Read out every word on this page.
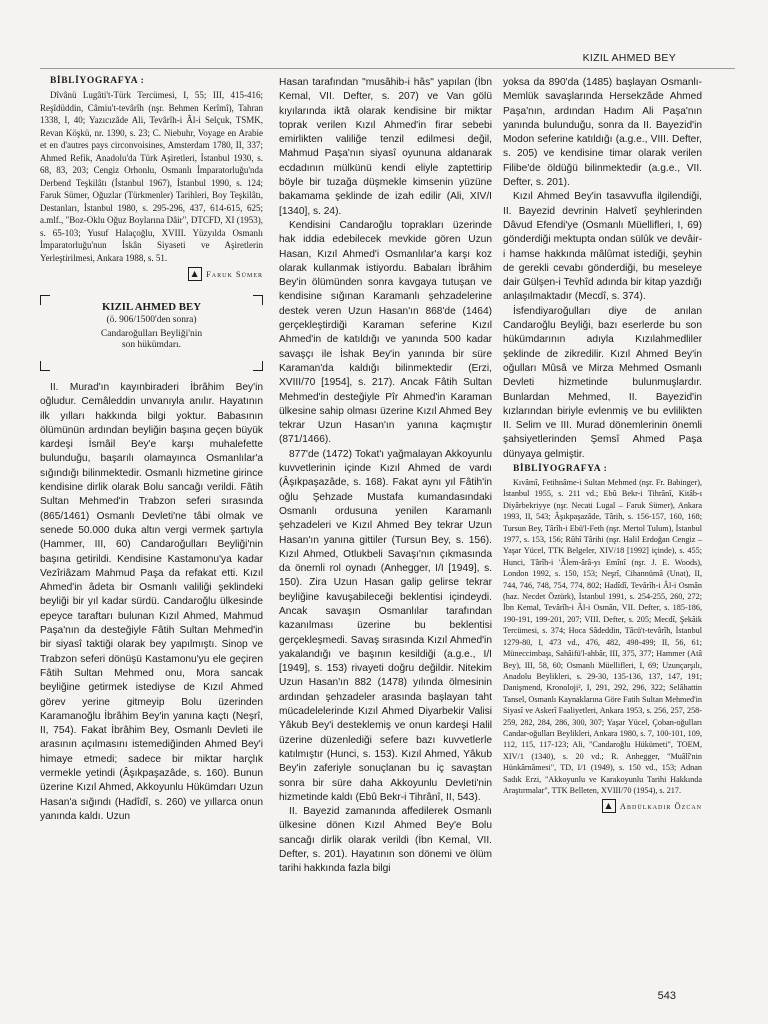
KIZIL AHMED BEY
BİBLİYOGRAFYA :

Dîvânü Lugâti't-Türk Tercümesi, I, 55; III, 415-416; Reşîdüddin, Câmiu't-tevârîh (nşr. Behmen Kerîmî), Tahran 1338, I, 40; Yazıcızâde Ali, Tevârîh-i Âl-i Selçuk, TSMK, Revan Köşkü, nr. 1390, s. 23; C. Niebuhr, Voyage en Arabie et en d'autres pays circonvoisines, Amsterdam 1780, II, 337; Ahmed Refik, Anadolu'da Türk Aşiretleri, İstanbul 1930, s. 68, 83, 203; Cengiz Orhonlu, Osmanlı İmparatorluğu'nda Derbend Teşkilâtı (İstanbul 1967), İstanbul 1990, s. 124; Faruk Sümer, Oğuzlar (Türkmenler) Tarihleri, Boy Teşkilâtı, Destanları, İstanbul 1980, s. 295-296, 437, 614-615, 625; a.mlf., "Boz-Oklu Oğuz Boylarına Dâir", DTCFD, XI (1953), s. 65-103; Yusuf Halaçoğlu, XVIII. Yüzyılda Osmanlı İmparatorluğu'nun İskân Siyaseti ve Aşiretlerin Yerleştirilmesi, Ankara 1988, s. 51.

▲ Faruk Sümer
KIZIL AHMED BEY
(ö. 906/1500'den sonra)
Candaroğulları Beyliği'nin
son hükümdarı.

II. Murad'ın kayınbiraderi İbrâhim Bey'in oğludur. Cemâleddin unvanıyla anılır. Hayatının ilk yılları hakkında bilgi yoktur. Babasının ölümünün ardından beyliğin başına geçen büyük kardeşi İsmâil Bey'e karşı muhalefette bulunduğu, başarılı olamayınca Osmanlılar'a sığındığı bilinmektedir. Osmanlı hizmetine girince kendisine dirlik olarak Bolu sancağı verildi. Fâtih Sultan Mehmed'in Trabzon seferi sırasında (865/1461) Osmanlı Devleti'ne tâbi olmak ve senede 50.000 duka altın vergi vermek şartıyla (Hammer, III, 60) Candaroğulları Beyliği'nin başına getirildi. Kendisine Kastamonu'ya kadar Vezîriâzam Mahmud Paşa da refakat etti. Kızıl Ahmed'in âdeta bir Osmanlı valiliği şeklindeki beyliği bir yıl kadar sürdü. Candaroğlu ülkesinde epeyce taraftarı bulunan Kızıl Ahmed, Mahmud Paşa'nın da desteğiyle Fâtih Sultan Mehmed'in bir siyasî taktiği olarak bey yapılmıştı. Sinop ve Trabzon seferi dönüşü Kastamonu'yu ele geçiren Fâtih Sultan Mehmed onu, Mora sancak beyliğine getirmek istediyse de Kızıl Ahmed görev yerine gitmeyip Bolu üzerinden Karamanoğlu İbrâhim Bey'in yanına kaçtı (Neşrî, II, 754). Fakat İbrâhim Bey, Osmanlı Devleti ile arasının açılmasını istemediğinden Ahmed Bey'i himaye etmedi; sadece bir miktar harçlık vermekle yetindi (Âşıkpaşazâde, s. 160). Bunun üzerine Kızıl Ahmed, Akkoyunlu Hükümdarı Uzun Hasan'a sığındı (Hadîdî, s. 260) ve yıllarca onun yanında kaldı. Uzun

Hasan tarafından "musâhib-i hâs" yapılan (İbn Kemal, VII. Defter, s. 207) ve Van gölü kıyılarında iktâ olarak kendisine bir miktar toprak verilen Kızıl Ahmed'in firar sebebi emirlikten valiliğe tenzil edilmesi değil, Mahmud Paşa'nın siyasî oyununa aldanarak ecdadının mülkünü kendi eliyle zaptettirip böyle bir tuzağa düşmekle kimsenin yüzüne bakamama şeklinde de izah edilir (Ali, XIV/I [1340], s. 24).

Kendisini Candaroğlu toprakları üzerinde hak iddia edebilecek mevkide gören Uzun Hasan, Kızıl Ahmed'i Osmanlılar'a karşı koz olarak kullanmak istiyordu. Babaları İbrâhim Bey'in ölümünden sonra kavgaya tutuşan ve kendisine sığınan Karamanlı şehzadelerine destek veren Uzun Hasan'ın 868'de (1464) gerçekleştirdiği Karaman seferine Kızıl Ahmed'in de katıldığı ve yanında 500 kadar savaşçı ile İshak Bey'in yanında bir süre Karaman'da kaldığı bilinmektedir (Erzi, XVIII/70 [1954], s. 217). Ancak Fâtih Sultan Mehmed'in desteğiyle Pîr Ahmed'in Karaman ülkesine sahip olması üzerine Kızıl Ahmed Bey tekrar Uzun Hasan'ın yanına kaçmıştır (871/1466).

877'de (1472) Tokat'ı yağmalayan Akkoyunlu kuvvetlerinin içinde Kızıl Ahmed de vardı (Âşıkpaşazâde, s. 168). Fakat aynı yıl Fâtih'in oğlu Şehzade Mustafa kumandasındaki Osmanlı ordusuna yenilen Karamanlı şehzadeleri ve Kızıl Ahmed Bey tekrar Uzun Hasan'ın yanına gittiler (Tursun Bey, s. 156). Kızıl Ahmed, Otlukbeli Savaşı'nın çıkmasında da önemli rol oynadı (Anhegger, I/I [1949], s. 150). Zira Uzun Hasan galip gelirse tekrar beyliğine kavuşabileceği beklentisi içindeydi. Ancak savaşın Osmanlılar tarafından kazanılması üzerine bu beklentisi gerçekleşmedi. Savaş sırasında Kızıl Ahmed'in yakalandığı ve başının kesildiği (a.g.e., I/I [1949], s. 153) rivayeti doğru değildir. Nitekim Uzun Hasan'ın 882 (1478) yılında ölmesinin ardından şehzadeler arasında başlayan taht mücadelelerinde Kızıl Ahmed Diyarbekir Valisi Yâkub Bey'i desteklemiş ve onun kardeşi Halil üzerine düzenlediği sefere bazı kuvvetlerle katılmıştır (Hunci, s. 153). Kızıl Ahmed, Yâkub Bey'in zaferiyle sonuçlanan bu iç savaştan sonra bir süre daha Akkoyunlu Devleti'nin hizmetinde kaldı (Ebû Bekr-i Tihrânî, II, 543).

II. Bayezid zamanında affedilerek Osmanlı ülkesine dönen Kızıl Ahmed Bey'e Bolu sancağı dirlik olarak verildi (İbn Kemal, VII. Defter, s. 201). Hayatının son dönemi ve ölüm tarihi hakkında fazla bilgi

yoksa da 890'da (1485) başlayan Osmanlı-Memlük savaşlarında Hersekzâde Ahmed Paşa'nın, ardından Hadım Ali Paşa'nın yanında bulunduğu, sonra da II. Bayezid'in Modon seferine katıldığı (a.g.e., VIII. Defter, s. 205) ve kendisine timar olarak verilen Filibe'de öldüğü bilinmektedir (a.g.e., VII. Defter, s. 201).

Kızıl Ahmed Bey'in tasavvufla ilgilendiği, II. Bayezid devrinin Halvetî şeyhlerinden Dâvud Efendi'ye (Osmanlı Müellifleri, I, 69) gönderdiği mektupta ondan sülûk ve devâir-i hamse hakkında mâlûmat istediği, şeyhin de gerekli cevabı gönderdiği, bu meseleye dair Gülşen-i Tevhîd adında bir kitap yazdığı anlaşılmaktadır (Mecdî, s. 374).

İsfendiyaroğulları diye de anılan Candaroğlu Beyliği, bazı eserlerde bu son hükümdarının adıyla Kızılahmedliler şeklinde de zikredilir. Kızıl Ahmed Bey'in oğulları Mûsâ ve Mirza Mehmed Osmanlı Devleti hizmetinde bulunmuşlardır. Bunlardan Mehmed, II. Bayezid'in kızlarından biriyle evlenmiş ve bu evlilikten II. Selim ve III. Murad dönemlerinin önemli şahsiyetlerinden Şemsî Ahmed Paşa dünyaya gelmiştir.

BİBLİYOGRAFYA :

Kıvâmî, Fetihnâme-i Sultan Mehmed (nşr. Fr. Babinger), İstanbul 1955, s. 211 vd.; Ebû Bekr-i Tihrânî, Kitâb-ı Diyârbekriyye (nşr. Necati Lugal – Faruk Sümer), Ankara 1993, II, 543; Âşıkpaşazâde, Târih, s. 156-157, 160, 168; Tursun Bey, Târîh-i Ebü'l-Feth (nşr. Mertol Tulum), İstanbul 1977, s. 153, 156; Rûhî Târihi (nşr. Halil Erdoğan Cengiz – Yaşar Yücel, TTK Belgeler, XIV/18 [1992] içinde), s. 455; Hunci, Târîh-i 'Âlem-ârâ-yı Emînî (nşr. J. E. Woods), London 1992, s. 150, 153; Neşrî, Cihannümâ (Unat), II, 744, 746, 748, 754, 774, 802; Hadîdî, Tevârîh-i Âl-i Osmân (haz. Necdet Öztürk), İstanbul 1991, s. 254-255, 260, 272; İbn Kemal, Tevârîh-i Âl-i Osmân, VII. Defter, s. 185-186, 190-191, 199-201, 207; VIII. Defter, s. 205; Mecdî, Şekâik Tercümesi, s. 374; Hoca Sâdeddin, Tâcü't-tevârîh, İstanbul 1279-80, I, 473 vd., 476, 482, 498-499; II, 56, 61; Müneccimbaşı, Sahâifü'l-ahbâr, III, 375, 377; Hammer (Atâ Bey), III, 58, 60; Osmanlı Müellifleri, I, 69; Uzunçarşılı, Anadolu Beylikleri, s. 29-30, 135-136, 137, 147, 191; Danişmend, Kronoloji², I, 291, 292, 296, 322; Selâhattin Tansel, Osmanlı Kaynaklarına Göre Fatih Sultan Mehmed'in Siyasî ve Askerî Faaliyetleri, Ankara 1953, s. 256, 257, 258-259, 282, 284, 286, 300, 307; Yaşar Yücel, Çoban-oğulları Candar-oğulları Beylikleri, Ankara 1980, s. 7, 100-101, 109, 112, 115, 117-123; Ali, "Candaroğlu Hükümeti", TOEM, XIV/1 (1340), s. 20 vd.; R. Anhegger, "Muâlî'nin Hünkârnâmesi", TD, I/1 (1949), s. 150 vd., 153; Adnan Sadık Erzi, "Akkoyunlu ve Karakoyunlu Tarihi Hakkında Araştırmalar", TTK Belleten, XVIII/70 (1954), s. 217.

▲ Abdülkadir Özcan
543
